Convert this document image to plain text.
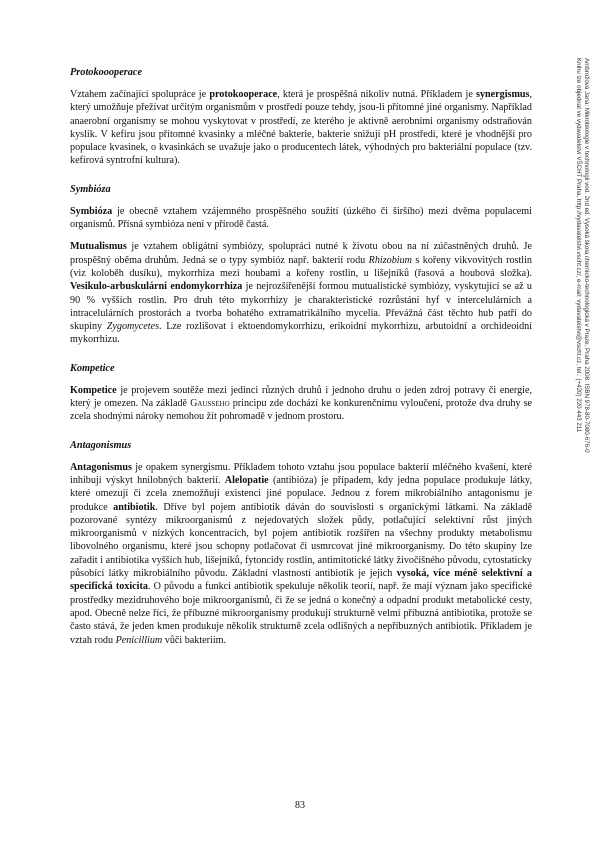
Ambrožová Jana: Mikrobiologie v technologii vod. 2nd ed. Vysoká škola chemicko-technologická v Praze, Praha 2008. ISBN 978-80-7080-676-0
Knihu lze objednat ve vydavatelství VŠCHT Praha, http://vydavatelstvi.vscht.cz/, e-mail: vydavatelstvi@vscht.cz, tel.: (+420) 220 443 211
Protokoooperace

Vztahem začínající spolupráce je protokooperace, která je prospěšná nikoliv nutná. Příkladem je synergismus, který umožňuje přežívat určitým organismům v prostředí pouze tehdy, jsou-li přítomné jiné organismy. Například anaerobní organismy se mohou vyskytovat v prostředí, ze kterého je aktivně aerobními organismy odstraňován kyslík. V kefíru jsou přítomné kvasinky a mléčné bakterie, bakterie snižují pH prostředí, které je vhodnější pro populace kvasinek, o kvasinkách se uvažuje jako o producentech látek, výhodných pro bakteriální populace (tzv. kefírová syntrofní kultura).

Symbióza

Symbióza je obecně vztahem vzájemného prospěšného soužití (úzkého či širšího) mezi dvěma populacemi organismů. Přísná symbióza není v přírodě častá.

Mutualismus je vztahem obligátní symbiózy, spolupráci nutné k životu obou na ní zúčastněných druhů. Je prospěšný oběma druhům. Jedná se o typy symbióz např. bakterií rodu Rhizobium s kořeny vikvovitých rostlin (viz koloběh dusíku), mykorrhiza mezi houbami a kořeny rostlin, u lišejníků (řasová a houbová složka). Vesikulo-arbuskulární endomykorrhiza je nejrozšířenější formou mutualistické symbiózy, vyskytující se až u 90 % vyšších rostlin. Pro druh této mykorrhizy je charakteristické rozrůstání hyf v intercelulárních a intracelulárních prostorách a tvorba bohatého extramatrikálního mycelia. Převážná část těchto hub patří do skupiny Zygomycetes. Lze rozlišovat i ektoendomykorrhizu, erikoidní mykorrhizu, arbutoidní a orchideoidní mykorrhizu.

Kompetice

Kompetice je projevem soutěže mezi jedinci různých druhů i jednoho druhu o jeden zdroj potravy či energie, který je omezen. Na základě Gausseho principu zde dochází ke konkurenčnímu vyloučení, protože dva druhy se zcela shodnými nároky nemohou žít pohromadě v jednom prostoru.

Antagonismus

Antagonismus je opakem synergismu. Příkladem tohoto vztahu jsou populace bakterií mléčného kvašení, které inhibují výskyt hnilobných bakterií. Alelopatie (antibióza) je případem, kdy jedna populace produkuje látky, které omezují či zcela znemožňují existenci jiné populace. Jednou z forem mikrobiálního antagonismu je produkce antibiotik. Dříve byl pojem antibiotik dáván do souvislosti s organickými látkami. Na základě pozorované syntézy mikroorganismů z nejedovatých složek půdy, potlačující selektivní růst jiných mikroorganismů v nízkých koncentracích, byl pojem antibiotik rozšířen na všechny produkty metabolismu libovolného organismu, které jsou schopny potlačovat či usmrcovat jiné mikroorganismy. Do této skupiny lze zařadit i antibiotika vyšších hub, lišejníků, fytoncidy rostlin, antimitotické látky živočišného původu, cytostaticky působící látky mikrobiálního původu. Základní vlastností antibiotik je jejich vysoká, více méně selektivní a specifická toxicita. O původu a funkci antibiotik spekuluje několik teorií, např. že mají význam jako specifické prostředky mezidruhového boje mikroorganismů, či že se jedná o konečný a odpadní produkt metabolické cesty, apod. Obecně nelze říci, že příbuzné mikroorganismy produkují strukturně velmi příbuzná antibiotika, protože se často stává, že jeden kmen produkuje několik strukturně zcela odlišných a nepříbuzných antibiotik. Příkladem je vztah rodu Penicillium vůči bakteriím.

83
